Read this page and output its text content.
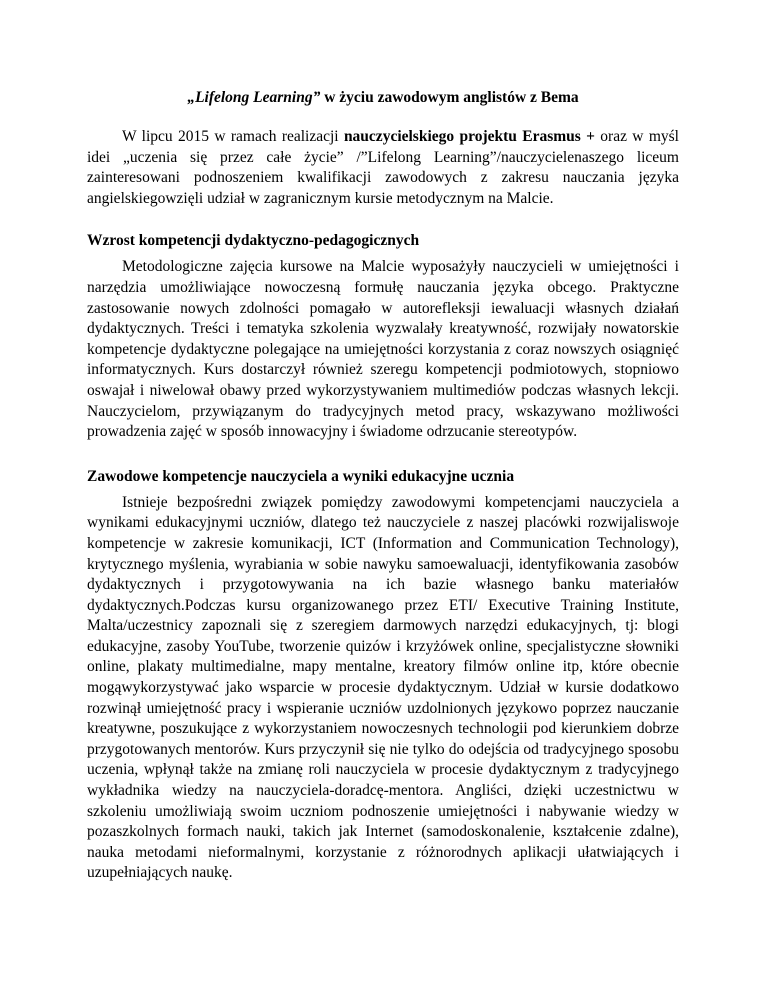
„Lifelong Learning” w życiu zawodowym anglistów z Bema

W lipcu 2015 w ramach realizacji nauczycielskiego projektu Erasmus + oraz w myśl idei „uczenia się przez całe życie” /”Lifelong Learning”/nauczycielenaszego liceum zainteresowani podnoszeniem kwalifikacji zawodowych z zakresu nauczania języka angielskiegowzięli udział w zagranicznym kursie metodycznym na Malcie.

Wzrost kompetencji dydaktyczno-pedagogicznych

Metodologiczne zajęcia kursowe na Malcie wyposażyły nauczycieli w umiejętności i narzędzia umożliwiające nowoczesną formułę nauczania języka obcego. Praktyczne zastosowanie nowych zdolności pomagało w autorefleksji iewaluacji własnych działań dydaktycznych. Treści i tematyka szkolenia wyzwalały kreatywność, rozwijały nowatorskie kompetencje dydaktyczne polegające na umiejętności korzystania z coraz nowszych osiągnięć informatycznych. Kurs dostarczył również szeregu kompetencji podmiotowych, stopniowo oswajał i niwelował obawy przed wykorzystywaniem multimediów podczas własnych lekcji. Nauczycielom, przywiązanym do tradycyjnych metod pracy, wskazywano możliwości prowadzenia zajęć w sposób innowacyjny i świadome odrzucanie stereotypów.

Zawodowe kompetencje nauczyciela a wyniki edukacyjne ucznia

Istnieje bezpośredni związek pomiędzy zawodowymi kompetencjami nauczyciela a wynikami edukacyjnymi uczniów, dlatego też nauczyciele z naszej placówki rozwijaliswoje kompetencje w zakresie komunikacji, ICT (Information and Communication Technology), krytycznego myślenia, wyrabiania w sobie nawyku samoewaluacji, identyfikowania zasobów dydaktycznych i przygotowywania na ich bazie własnego banku materiałów dydaktycznych.Podczas kursu organizowanego przez ETI/ Executive Training Institute, Malta/uczestnicy zapoznali się z szeregiem darmowych narzędzi edukacyjnych, tj: blogi edukacyjne, zasoby YouTube, tworzenie quizów i krzyżówek online, specjalistyczne słowniki online, plakaty multimedialne, mapy mentalne, kreatory filmów online itp, które obecnie mogąwykorzystywać jako wsparcie w procesie dydaktycznym. Udział w kursie dodatkowo rozwinął umiejętność pracy i wspieranie uczniów uzdolnionych językowo poprzez nauczanie kreatywne, poszukujące z wykorzystaniem nowoczesnych technologii pod kierunkiem dobrze przygotowanych mentorów. Kurs przyczynił się nie tylko do odejścia od tradycyjnego sposobu uczenia, wpłynął także na zmianę roli nauczyciela w procesie dydaktycznym z tradycyjnego wykładnika wiedzy na nauczyciela-doradcę-mentora. Angliści, dzięki uczestnictwu w szkoleniu umożliwiają swoim uczniom podnoszenie umiejętności i nabywanie wiedzy w pozaszkolnych formach nauki, takich jak Internet (samodoskonalenie, kształcenie zdalne), nauka metodami nieformalnymi, korzystanie z różnorodnych aplikacji ułatwiających i uzupełniających naukę.
